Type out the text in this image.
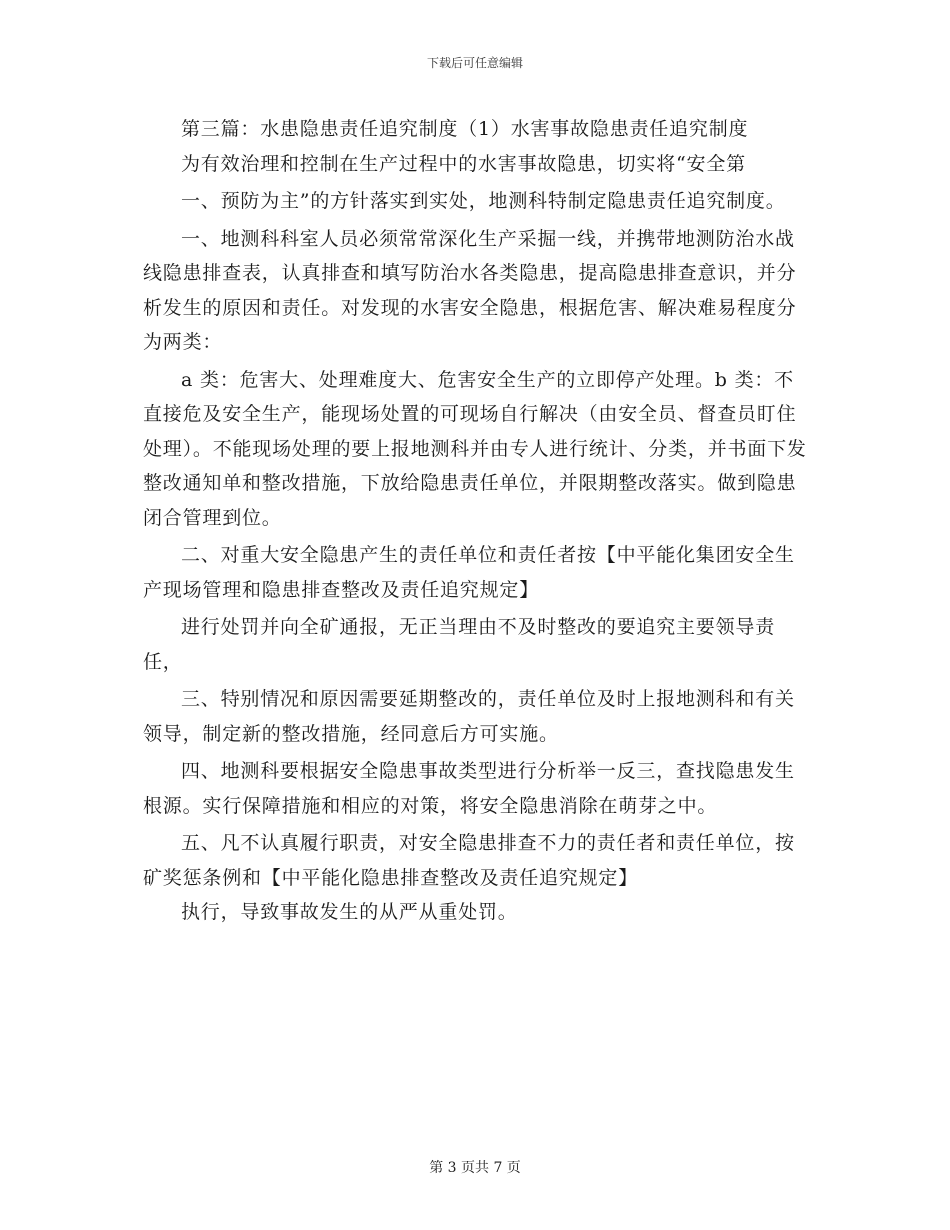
下载后可任意编辑

第三篇：水患隐患责任追究制度（1）水害事故隐患责任追究制度

为有效治理和控制在生产过程中的水害事故隐患，切实将“安全第

一、预防为主”的方针落实到实处，地测科特制定隐患责任追究制度。

一、地测科科室人员必须常常深化生产采掘一线，并携带地测防治水战线隐患排查表，认真排查和填写防治水各类隐患，提高隐患排查意识，并分析发生的原因和责任。对发现的水害安全隐患，根据危害、解决难易程度分为两类：

a 类：危害大、处理难度大、危害安全生产的立即停产处理。b 类：不直接危及安全生产，能现场处置的可现场自行解决（由安全员、督查员盯住处理）。不能现场处理的要上报地测科并由专人进行统计、分类，并书面下发整改通知单和整改措施，下放给隐患责任单位，并限期整改落实。做到隐患闭合管理到位。

二、对重大安全隐患产生的责任单位和责任者按【中平能化集团安全生产现场管理和隐患排查整改及责任追究规定】

进行处罚并向全矿通报，无正当理由不及时整改的要追究主要领导责任，

三、特别情况和原因需要延期整改的，责任单位及时上报地测科和有关领导，制定新的整改措施，经同意后方可实施。

四、地测科要根据安全隐患事故类型进行分析举一反三，查找隐患发生根源。实行保障措施和相应的对策，将安全隐患消除在萌芽之中。

五、凡不认真履行职责，对安全隐患排查不力的责任者和责任单位，按矿奖惩条例和【中平能化隐患排查整改及责任追究规定】

执行，导致事故发生的从严从重处罚。

第 3 页共 7 页
